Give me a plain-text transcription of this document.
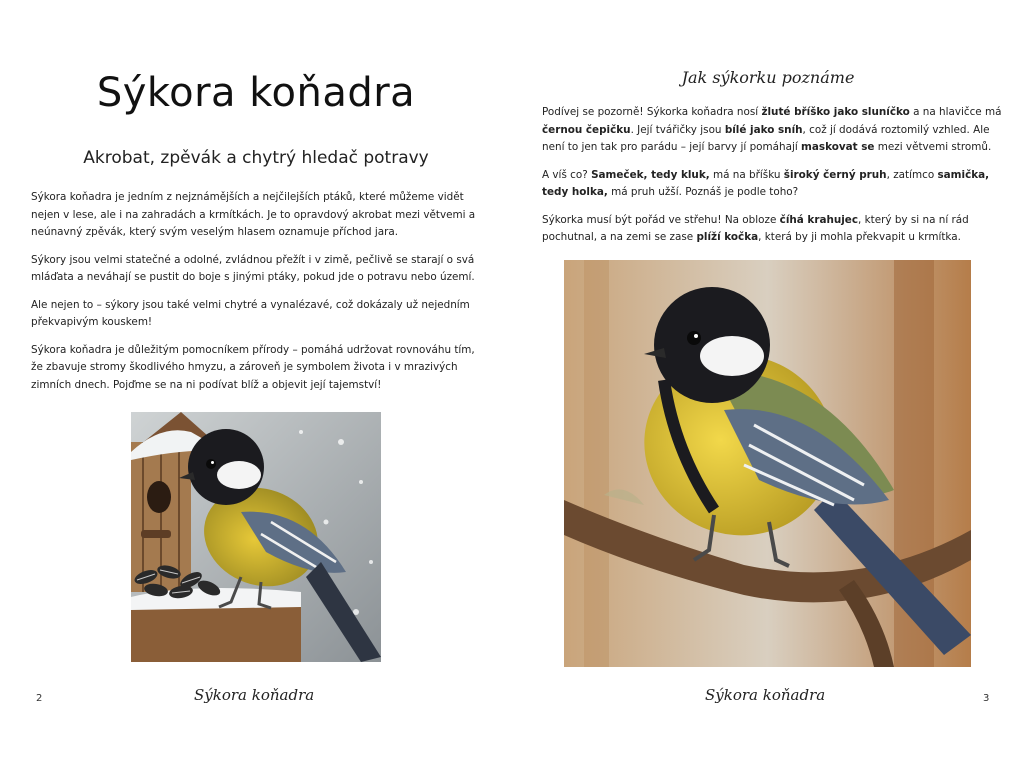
Sýkora koňadra
Akrobat, zpěvák a chytrý hledač potravy

Sýkora koňadra je jedním z nejznámějších a nejčilejších ptáků, které můžeme vidět nejen v lese, ale i na zahradách a krmítkách. Je to opravdový akrobat mezi větvemi a neúnavný zpěvák, který svým veselým hlasem oznamuje příchod jara.

Sýkory jsou velmi statečné a odolné, zvládnou přežít i v zimě, pečlivě se starají o svá mláďata a neváhají se pustit do boje s jinými ptáky, pokud jde o potravu nebo území.

Ale nejen to – sýkory jsou také velmi chytré a vynalézavé, což dokázaly už nejedním překvapivým kouskem!

Sýkora koňadra je důležitým pomocníkem přírody – pomáhá udržovat rovnováhu tím, že zbavuje stromy škodlivého hmyzu, a zároveň je symbolem života i v mrazivých zimních dnech. Pojďme se na ni podívat blíž a objevit její tajemství!

Sýkora koňadra
2
Jak sýkorku poznáme

Podívej se pozorně! Sýkorka koňadra nosí žluté bříško jako sluníčko a na hlavičce má černou čepičku. Její tvářičky jsou bílé jako sníh, což jí dodává roztomilý vzhled. Ale není to jen tak pro parádu – její barvy jí pomáhají maskovat se mezi větvemi stromů.

A víš co? Sameček, tedy kluk, má na bříšku široký černý pruh, zatímco samička, tedy holka, má pruh užší. Poznáš je podle toho?

Sýkorka musí být pořád ve střehu! Na obloze číhá krahujec, který by si na ní rád pochutnal, a na zemi se zase plíží kočka, která by ji mohla překvapit u krmítka.

Sýkora koňadra	3
